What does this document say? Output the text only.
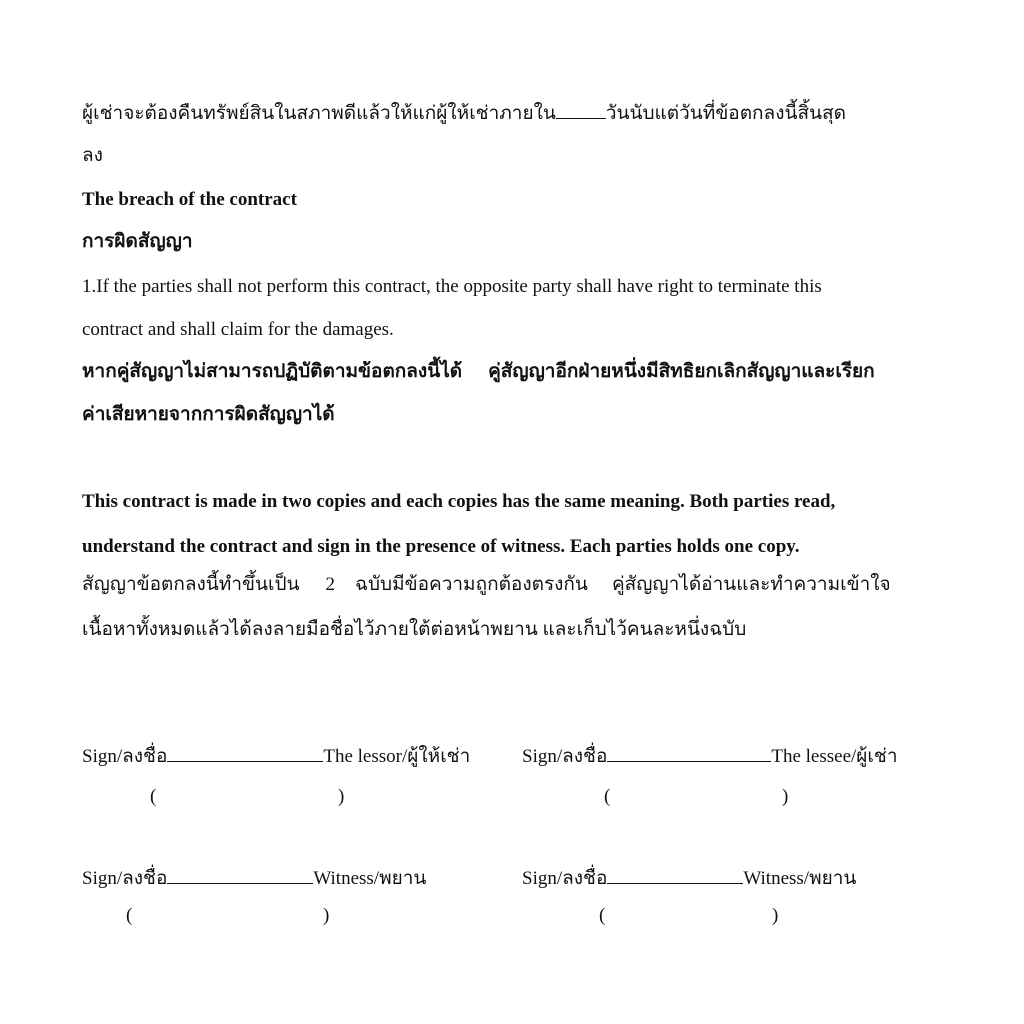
ผู้เช่าจะต้องคืนทรัพย์สินในสภาพดีแล้วให้แก่ผู้ให้เช่าภายใน	วันนับแต่วันที่ข้อตกลงนี้สิ้นสุด
ลง
The breach of the contract
การผิดสัญญา
1.If the parties shall not perform this contract, the opposite party shall have right to terminate this
contract and shall claim for the damages.
หากคู่สัญญาไม่สามารถปฏิบัติตามข้อตกลงนี้ได้ คู่สัญญาอีกฝ่ายหนึ่งมีสิทธิยกเลิกสัญญาและเรียก
ค่าเสียหายจากการผิดสัญญาได้
This contract is made in two copies and each copies has the same meaning. Both parties read,
understand the contract and sign in the presence of witness. Each parties holds one copy.
สัญญาข้อตกลงนี้ทำขึ้นเป็น 2 ฉบับมีข้อความถูกต้องตรงกัน คู่สัญญาได้อ่านและทำความเข้าใจ
เนื้อหาทั้งหมดแล้วได้ลงลายมือชื่อไว้ภายใต้ต่อหน้าพยาน และเก็บไว้คนละหนึ่งฉบับ
Sign/ลงชื่อ	The lessor/ผู้ให้เช่า
(	)
Sign/ลงชื่อ	The lessee/ผู้เช่า
(	)
Sign/ลงชื่อ	Witness/พยาน
(	)
Sign/ลงชื่อ	Witness/พยาน
(	)
